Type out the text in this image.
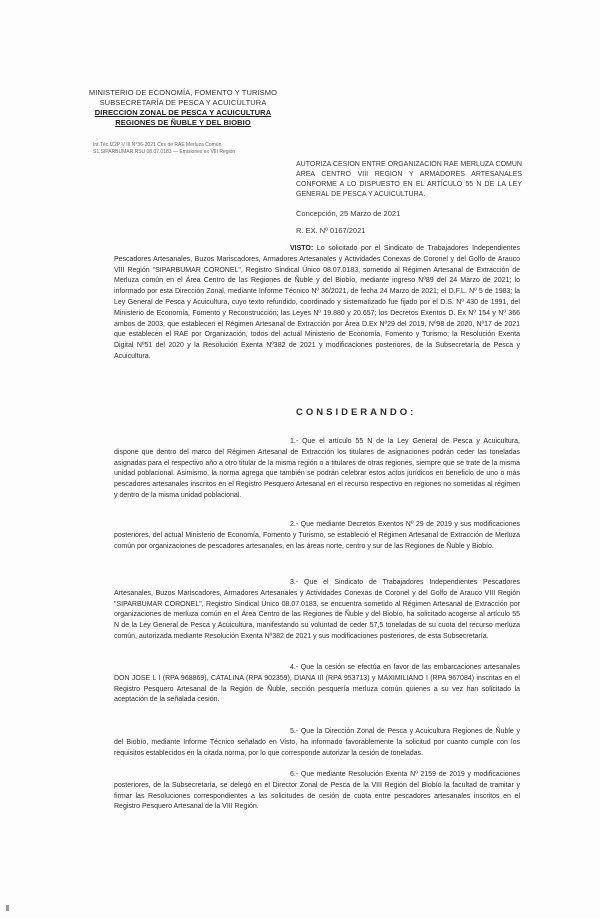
MINISTERIO DE ECONOMÍA, FOMENTO Y TURISMO
SUBSECRETARÍA DE PESCA Y ACUICULTURA
DIRECCION ZONAL DE PESCA Y ACUICULTURA
REGIONES DE ÑUBLE Y DEL BIOBIO
Int.Téc.IZ2P V III N°36-2021 Ces de RAE Merluza Común
S1.SIPARBUMAR.RSU 08.07.0183 — Emisiones ex VIII Región
AUTORIZA CESION ENTRE ORGANIZACION RAE MERLUZA COMUN AREA CENTRO VIII REGION Y ARMADORES ARTESANALES CONFORME A LO DISPUESTO EN EL ARTÍCULO 55 N DE LA LEY GENERAL DE PESCA Y ACUICULTURA.
Concepción, 25 Marzo de 2021
R. EX. Nº 0167/2021
VISTO: Lo solicitado por el Sindicato de Trabajadores Independientes Pescadores Artesanales, Buzos Mariscadores, Armadores Artesanales y Actividades Conexas de Coronel y del Golfo de Arauco VIII Región "SIPARBUMAR CORONEL", Registro Sindical Único 08.07.0183, sometido al Régimen Artesanal de Extracción de Merluza común en el Área Centro de las Regiones de Ñuble y del Biobío, mediante ingreso Nº89 del 24 Marzo de 2021; lo informado por esta Dirección Zonal, mediante Informe Técnico Nº 36/2021, de fecha 24 Marzo de 2021; el D.F.L. Nº 5 de 1983; la Ley General de Pesca y Acuicultura, cuyo texto refundido, coordinado y sistematizado fue fijado por el D.S. Nº 430 de 1991, del Ministerio de Economía, Fomento y Reconstrucción; las Leyes Nº 19.880 y 20.657; los Decretos Exentos D. Ex Nº 154 y Nº 366 ambos de 2003, que establecen el Régimen Artesanal de Extracción por Área D.Ex Nº29 del 2019, Nº98 de 2020, Nº17 de 2021 que establecen el RAE por Organización, todos del actual Ministerio de Economía, Fomento y Turismo; la Resolución Exenta Digital Nº51 del 2020 y la Resolución Exenta Nº382 de 2021 y modificaciones posteriores, de la Subsecretaría de Pesca y Acuicultura.
CONSIDERANDO:
1.- Que el artículo 55 N de la Ley General de Pesca y Acuicultura, dispone que dentro del marco del Régimen Artesanal de Extracción los titulares de asignaciones podrán ceder las toneladas asignadas para el respectivo año a otro titular de la misma región o a titulares de otras regiones, siempre que se trate de la misma unidad poblacional. Asimismo, la norma agrega que también se podrán celebrar estos actos jurídicos en beneficio de uno o más pescadores artesanales inscritos en el Registro Pesquero Artesanal en el recurso respectivo en regiones no sometidas al régimen y dentro de la misma unidad poblacional.
2.- Que mediante Decretos Exentos Nº 29 de 2019 y sus modificaciones posteriores, del actual Ministerio de Economía, Fomento y Turismo, se estableció el Régimen Artesanal de Extracción de Merluza común por organizaciones de pescadores artesanales, en las áreas norte, centro y sur de las Regiones de Ñuble y Biobío.
3.- Que el Sindicato de Trabajadores Independientes Pescadores Artesanales, Buzos Mariscadores, Armadores Artesanales y Actividades Conexas de Coronel y del Golfo de Arauco VIII Región "SIPARBUMAR CORONEL", Registro Sindical Único 08.07.0183, se encuentra sometido al Régimen Artesanal de Extracción por organizaciones de merluza común en el Área Centro de las Regiones de Ñuble y del Biobío, ha solicitado acogerse al artículo 55 N de la Ley General de Pesca y Acuicultura, manifestando su voluntad de ceder 57,5 toneladas de su cuota del recurso merluza común, autorizada mediante Resolución Exenta Nº382 de 2021 y sus modificaciones posteriores, de esta Subsecretaría.
4.- Que la cesión se efectúa en favor de las embarcaciones artesanales DON JOSE L I (RPA 968869), CATALINA (RPA 902359), DIANA III (RPA 953713) y MAXIMILIANO I (RPA 967084) inscritas en el Registro Pesquero Artesanal de la Región de Ñuble, sección pesquería merluza común quienes a su vez han solicitado la aceptación de la señalada cesión.
5.- Que la Dirección Zonal de Pesca y Acuicultura Regiones de Ñuble y del Biobío, mediante Informe Técnico señalado en Visto, ha informado favorablemente la solicitud por cuanto cumple con los requisitos establecidos en la citada norma, por lo que corresponde autorizar la cesión de toneladas.
6.- Que mediante Resolución Exenta Nº 2159 de 2019 y modificaciones posteriores, de la Subsecretaría, se delegó en el Director Zonal de Pesca de la VIII Región del Biobío la facultad de tramitar y firmar las Resoluciones correspondientes a las solicitudes de cesión de cuota entre pescadores artesanales inscritos en el Registro Pesquero Artesanal de la VIII Región.
